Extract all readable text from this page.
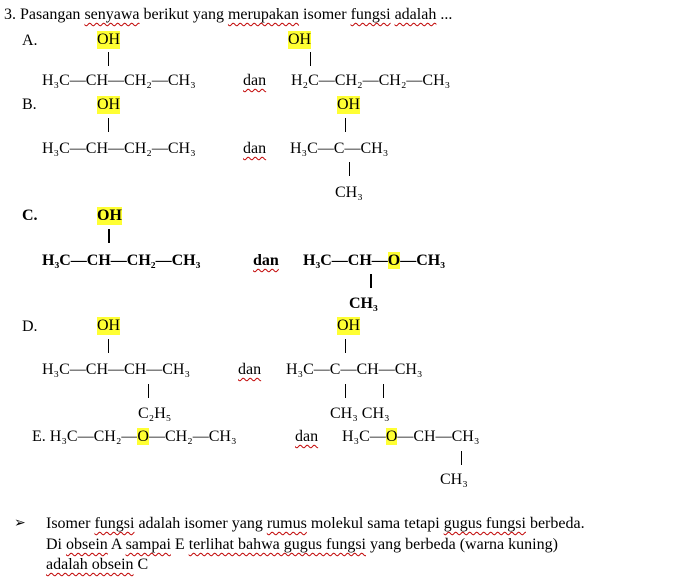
3. Pasangan senyawa berikut yang merupakan isomer fungsi adalah ...
A.	OH	OH
H₃C—CH—CH₂—CH₃	dan H₂C—CH₂—CH₂—CH₃
B.	OH	OH
H₃C—CH—CH₂—CH₃	dan H₃C—C—CH₃
CH₃
C.	OH
H₃C—CH—CH₂—CH₃	dan H₃C—CH—O—CH₃
CH₃
D.	OH	OH
H₃C—CH—CH—CH₃	dan H₃C—C—CH—CH₃
C₂H₅	CH₃ CH₃
E. H₃C—CH₂—O—CH₂—CH₃	dan H₃C—O—CH—CH₃
CH₃
➢ Isomer fungsi adalah isomer yang rumus molekul sama tetapi gugus fungsi berbeda.
Di obsein A sampai E terlihat bahwa gugus fungsi yang berbeda (warna kuning)
adalah obsein C
